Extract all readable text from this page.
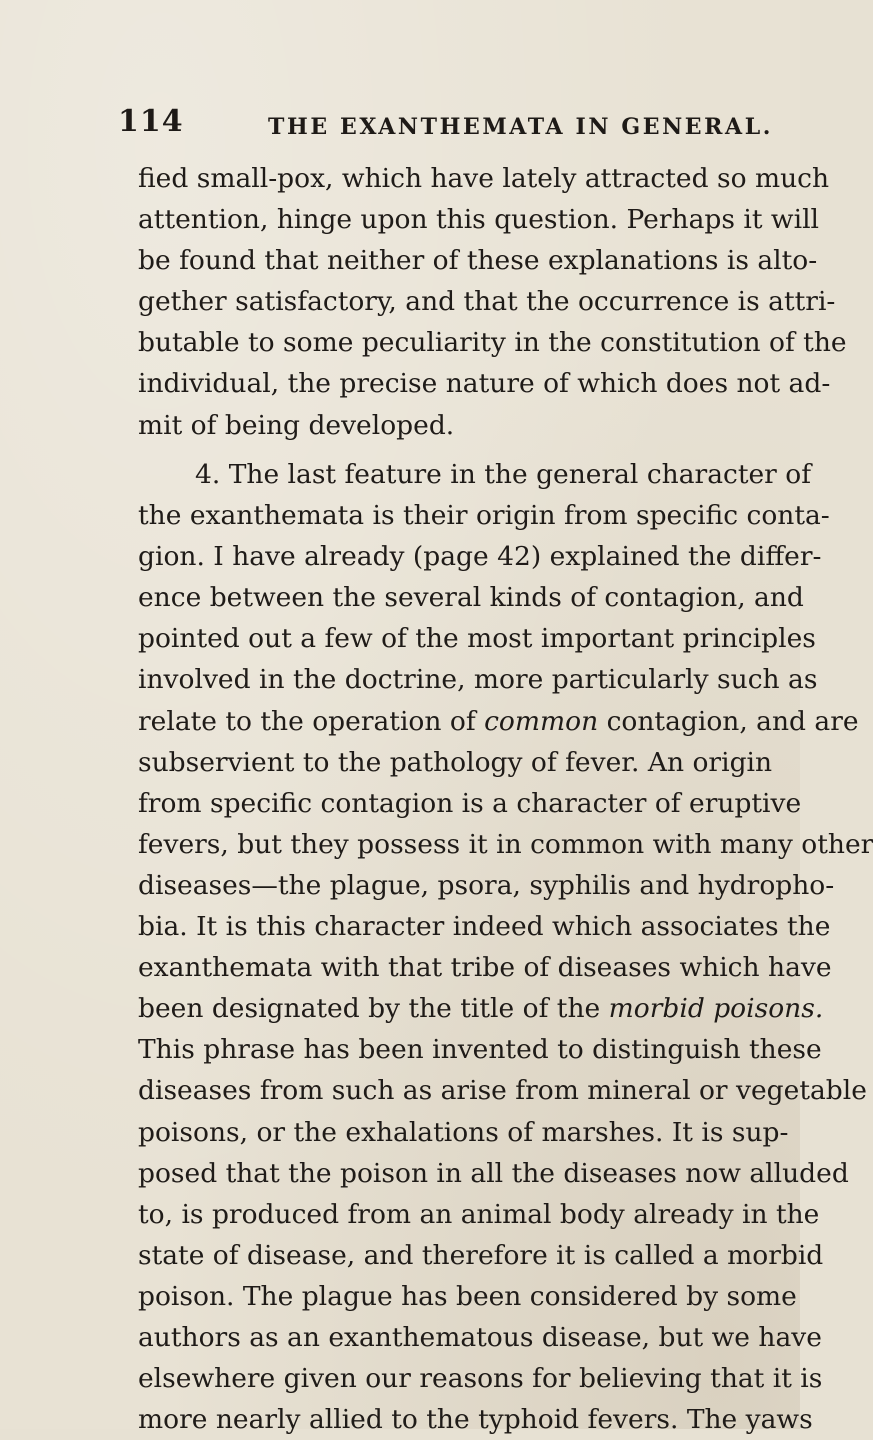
114	THE EXANTHEMATA IN GENERAL.
fied small-pox, which have lately attracted so much
attention, hinge upon this question. Perhaps it will
be found that neither of these explanations is alto-
gether satisfactory, and that the occurrence is attri-
butable to some peculiarity in the constitution of the
individual, the precise nature of which does not ad-
mit of being developed.
4. The last feature in the general character of
the exanthemata is their origin from specific conta-
gion. I have already (page 42) explained the differ-
ence between the several kinds of contagion, and
pointed out a few of the most important principles
involved in the doctrine, more particularly such as
relate to the operation of common contagion, and are
subservient to the pathology of fever. An origin
from specific contagion is a character of eruptive
fevers, but they possess it in common with many other
diseases—the plague, psora, syphilis and hydropho-
bia. It is this character indeed which associates the
exanthemata with that tribe of diseases which have
been designated by the title of the morbid poisons.
This phrase has been invented to distinguish these
diseases from such as arise from mineral or vegetable
poisons, or the exhalations of marshes. It is sup-
posed that the poison in all the diseases now alluded
to, is produced from an animal body already in the
state of disease, and therefore it is called a morbid
poison. The plague has been considered by some
authors as an exanthematous disease, but we have
elsewhere given our reasons for believing that it is
more nearly allied to the typhoid fevers. The yaws
